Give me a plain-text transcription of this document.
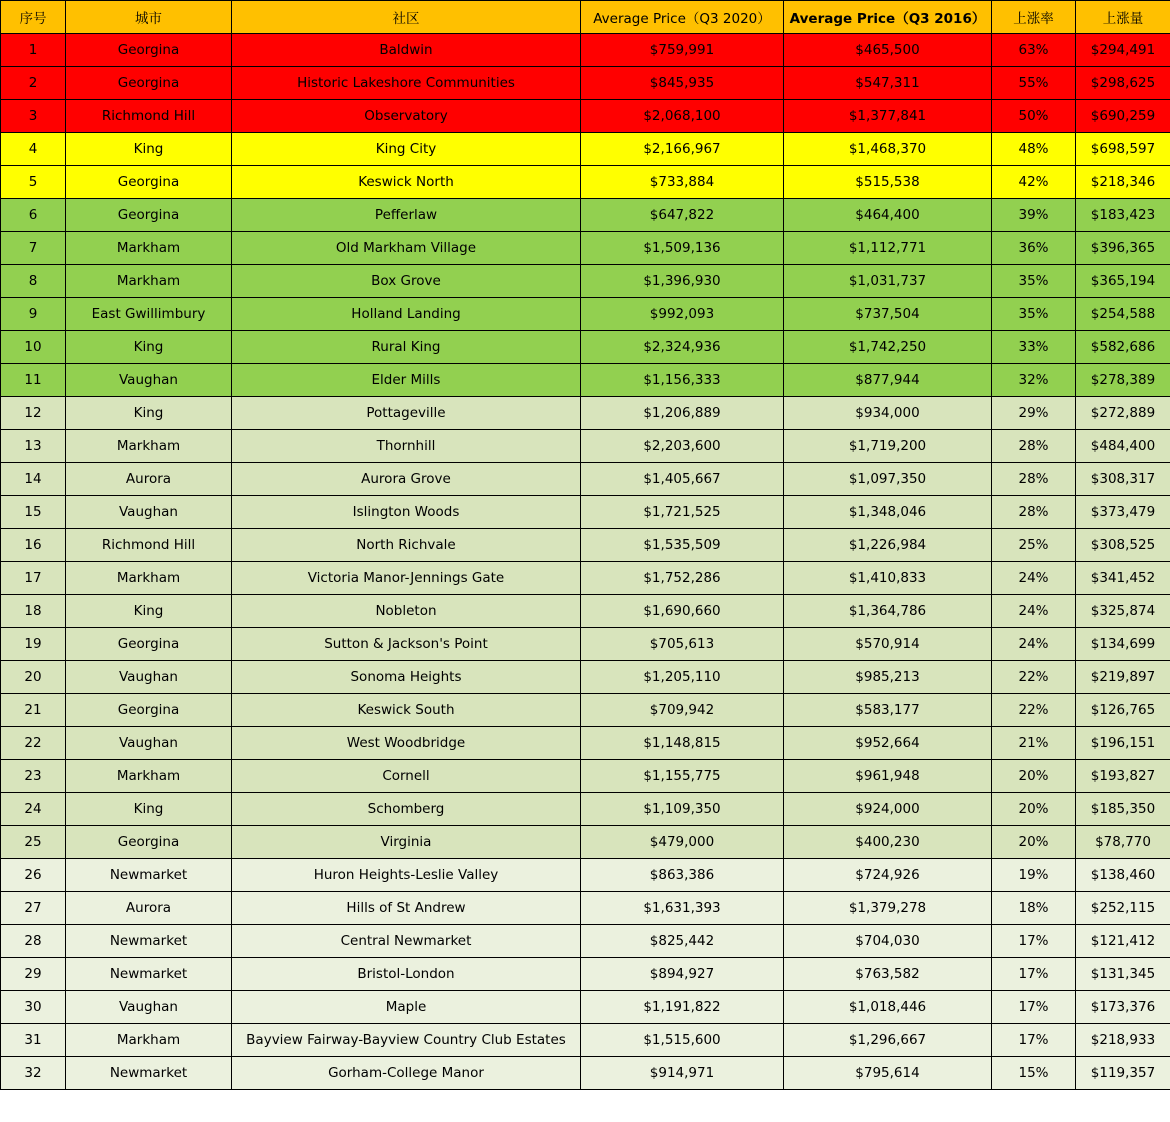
序号	城市	社区	Average Price（Q3 2020）	Average Price（Q3 2016）	上涨率	上涨量
1	Georgina	Baldwin	$759,991	$465,500	63%	$294,491
2	Georgina	Historic Lakeshore Communities	$845,935	$547,311	55%	$298,625
3	Richmond Hill	Observatory	$2,068,100	$1,377,841	50%	$690,259
4	King	King City	$2,166,967	$1,468,370	48%	$698,597
5	Georgina	Keswick North	$733,884	$515,538	42%	$218,346
6	Georgina	Pefferlaw	$647,822	$464,400	39%	$183,423
7	Markham	Old Markham Village	$1,509,136	$1,112,771	36%	$396,365
8	Markham	Box Grove	$1,396,930	$1,031,737	35%	$365,194
9	East Gwillimbury	Holland Landing	$992,093	$737,504	35%	$254,588
10	King	Rural King	$2,324,936	$1,742,250	33%	$582,686
11	Vaughan	Elder Mills	$1,156,333	$877,944	32%	$278,389
12	King	Pottageville	$1,206,889	$934,000	29%	$272,889
13	Markham	Thornhill	$2,203,600	$1,719,200	28%	$484,400
14	Aurora	Aurora Grove	$1,405,667	$1,097,350	28%	$308,317
15	Vaughan	Islington Woods	$1,721,525	$1,348,046	28%	$373,479
16	Richmond Hill	North Richvale	$1,535,509	$1,226,984	25%	$308,525
17	Markham	Victoria Manor-Jennings Gate	$1,752,286	$1,410,833	24%	$341,452
18	King	Nobleton	$1,690,660	$1,364,786	24%	$325,874
19	Georgina	Sutton & Jackson's Point	$705,613	$570,914	24%	$134,699
20	Vaughan	Sonoma Heights	$1,205,110	$985,213	22%	$219,897
21	Georgina	Keswick South	$709,942	$583,177	22%	$126,765
22	Vaughan	West Woodbridge	$1,148,815	$952,664	21%	$196,151
23	Markham	Cornell	$1,155,775	$961,948	20%	$193,827
24	King	Schomberg	$1,109,350	$924,000	20%	$185,350
25	Georgina	Virginia	$479,000	$400,230	20%	$78,770
26	Newmarket	Huron Heights-Leslie Valley	$863,386	$724,926	19%	$138,460
27	Aurora	Hills of St Andrew	$1,631,393	$1,379,278	18%	$252,115
28	Newmarket	Central Newmarket	$825,442	$704,030	17%	$121,412
29	Newmarket	Bristol-London	$894,927	$763,582	17%	$131,345
30	Vaughan	Maple	$1,191,822	$1,018,446	17%	$173,376
31	Markham	Bayview Fairway-Bayview Country Club Estates	$1,515,600	$1,296,667	17%	$218,933
32	Newmarket	Gorham-College Manor	$914,971	$795,614	15%	$119,357
